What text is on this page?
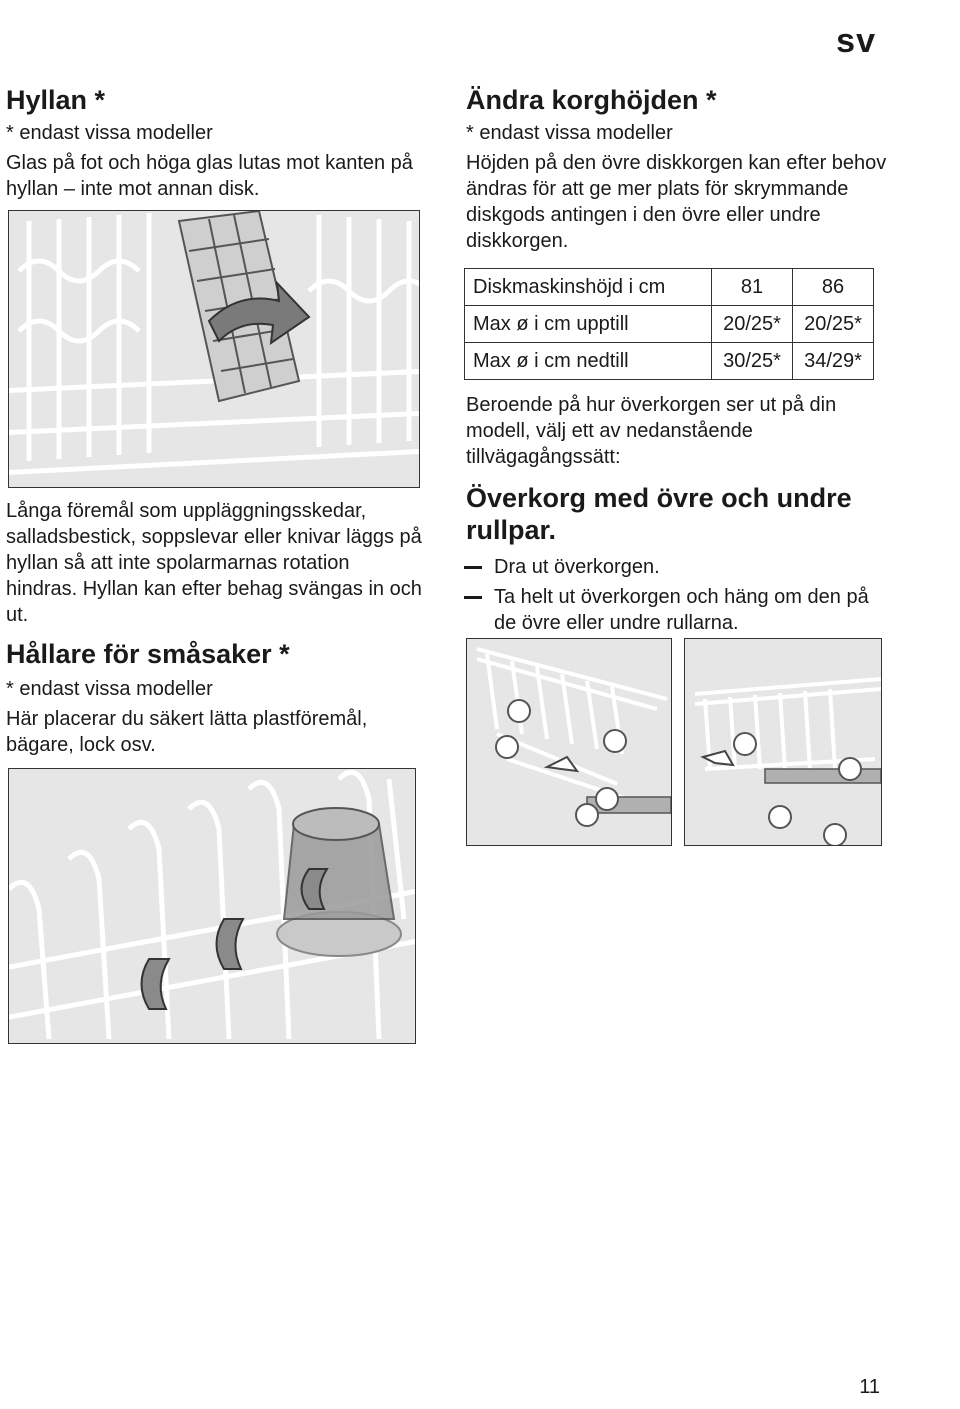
sv
Hyllan *

* endast vissa modeller

Glas på fot och höga glas lutas mot kanten på hyllan – inte mot annan disk.

Långa föremål som uppläggningsskedar, salladsbestick, soppslevar eller knivar läggs på hyllan så att inte spolarmarnas rotation hindras. Hyllan kan efter behag svängas in och ut.

Hållare för småsaker *

* endast vissa modeller

Här placerar du säkert lätta plastföremål, bägare, lock osv.

Ändra korghöjden *

* endast vissa modeller

Höjden på den övre diskkorgen kan efter behov ändras för att ge mer plats för skrymmande diskgods antingen i den övre eller undre diskkorgen.

Diskmaskinshöjd i cm	81	86
Max ø i cm upptill	20/25*	20/25*
Max ø i cm nedtill	30/25*	34/29*

Beroende på hur överkorgen ser ut på din modell, välj ett av nedanstående tillvägagångssätt:

Överkorg med övre och undre rullpar.
Dra ut överkorgen.
Ta helt ut överkorgen och häng om den på de övre eller undre rullarna.
11
